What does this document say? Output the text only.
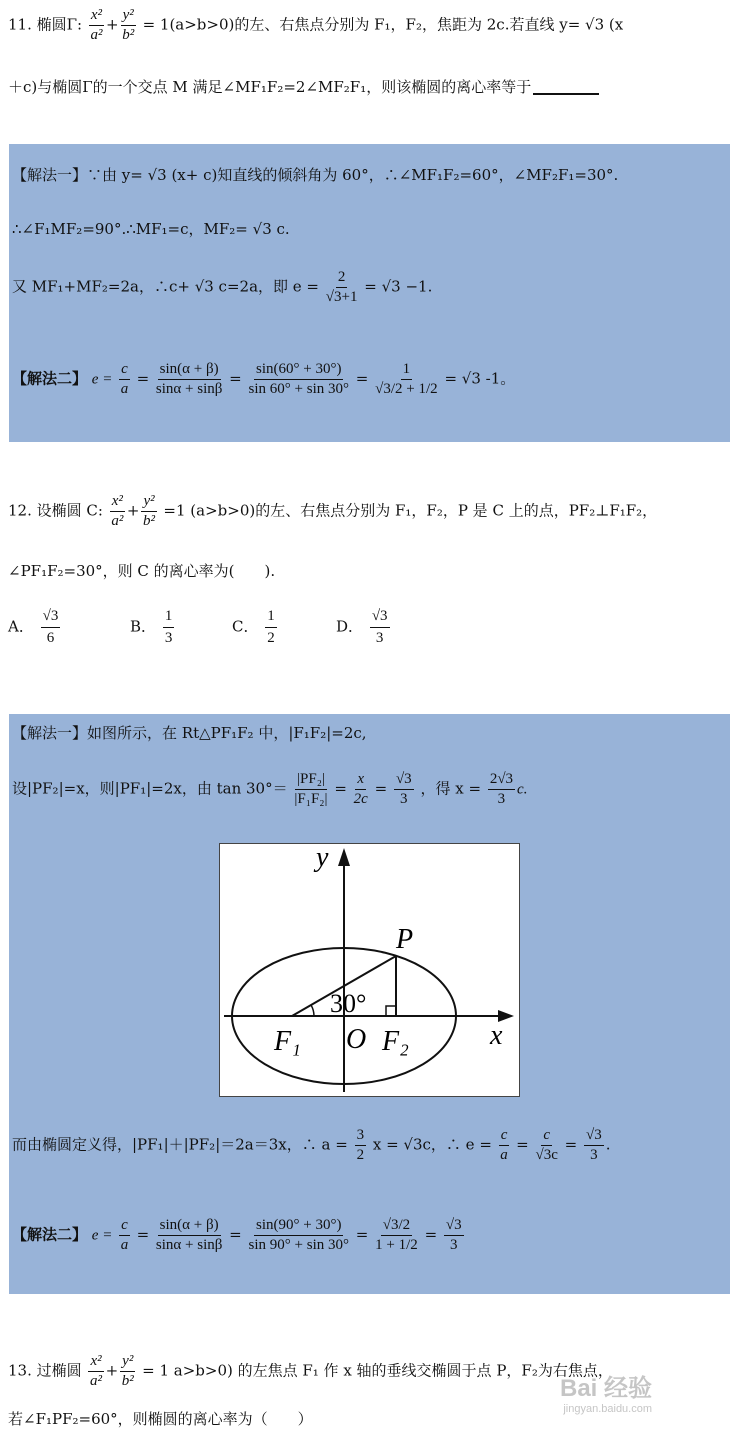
11. 椭圆Γ: $\frac{\text{x²}}{\text{a²}} + \frac{\text{y²}}{\text{b²}} = 1(a>b>0)$的左、右焦点分别为 F₁，F₂，焦距为 2c.若直线 y= √3 (x
＋c)与椭圆Γ的一个交点 M 满足∠MF₁F₂=2∠MF₂F₁，则该椭圆的离心率等于
【解法一】∵由 y= √3 (x+ c)知直线的倾斜角为 60°，∴∠MF₁F₂=60°，∠MF₂F₁=30°.
∴∠F₁MF₂=90°.∴MF₁=c，MF₂= √3 c.
又 MF₁+MF₂=2a，∴c+ √3 c=2a，即 $e = \frac{2}{√3+1} = √3 -1$.
【解法二】 $e = \frac{c}{a} = \frac{\sin(\alpha + \beta)}{\sin\alpha + \sin\beta} = \frac{\sin(60^\circ + 30^\circ)}{\sin 60^\circ + \sin 30^\circ} = \frac{1}{√3/2 + 1/2} = √3$ -1。
12. 设椭圆 C: $\frac{\text{x²}}{\text{a²}} + \frac{\text{y²}}{\text{b²}} =1$ (a>b>0)的左、右焦点分别为 F₁，F₂，P 是 C 上的点，PF₂⊥F₁F₂，
∠PF₁F₂=30°，则 C 的离心率为(　　).
A． $\frac{√3}{6}$	B． $\frac{1}{3}$	C． $\frac{1}{2}$	D． $\frac{√3}{3}$
【解法一】如图所示，在 Rt△PF₁F₂ 中，|F₁F₂|=2c,
设|PF₂|=x，则|PF₁|=2x，由 $\tan 30^\circ= \frac{\text{|PF₂|}}{\text{|F₁F₂|}} = \frac{x}{2c} = \frac{√3}{3}$ ，得 $x = \frac{2√3}{3} c$.
y
x
P
30°
F₁ O F₂
而由椭圆定义得，|PF₁|＋|PF₂|＝2a＝3x，∴ $a = \frac{3}{2}$ x = √3c，∴ $e = \frac{c}{a} = \frac{c}{√3c} = \frac{√3}{3}$ .
【解法二】 $e = \frac{c}{a} = \frac{\sin(\alpha + \beta)}{\sin\alpha + \sin\beta} = \frac{\sin(90^\circ + 30^\circ)}{\sin 90^\circ + \sin 30^\circ} = \frac{√3/2}{1 + 1/2} = \frac{√3}{3}$
13. 过椭圆 $\frac{\text{x²}}{\text{a²}} + \frac{\text{y²}}{\text{b²}} = 1$ a>b>0) 的左焦点 F₁ 作 x 轴的垂线交椭圆于点 P，F₂为右焦点，
若∠F₁PF₂=60°，则椭圆的离心率为（　　）
Bai 经验
jingyan.baidu.com
